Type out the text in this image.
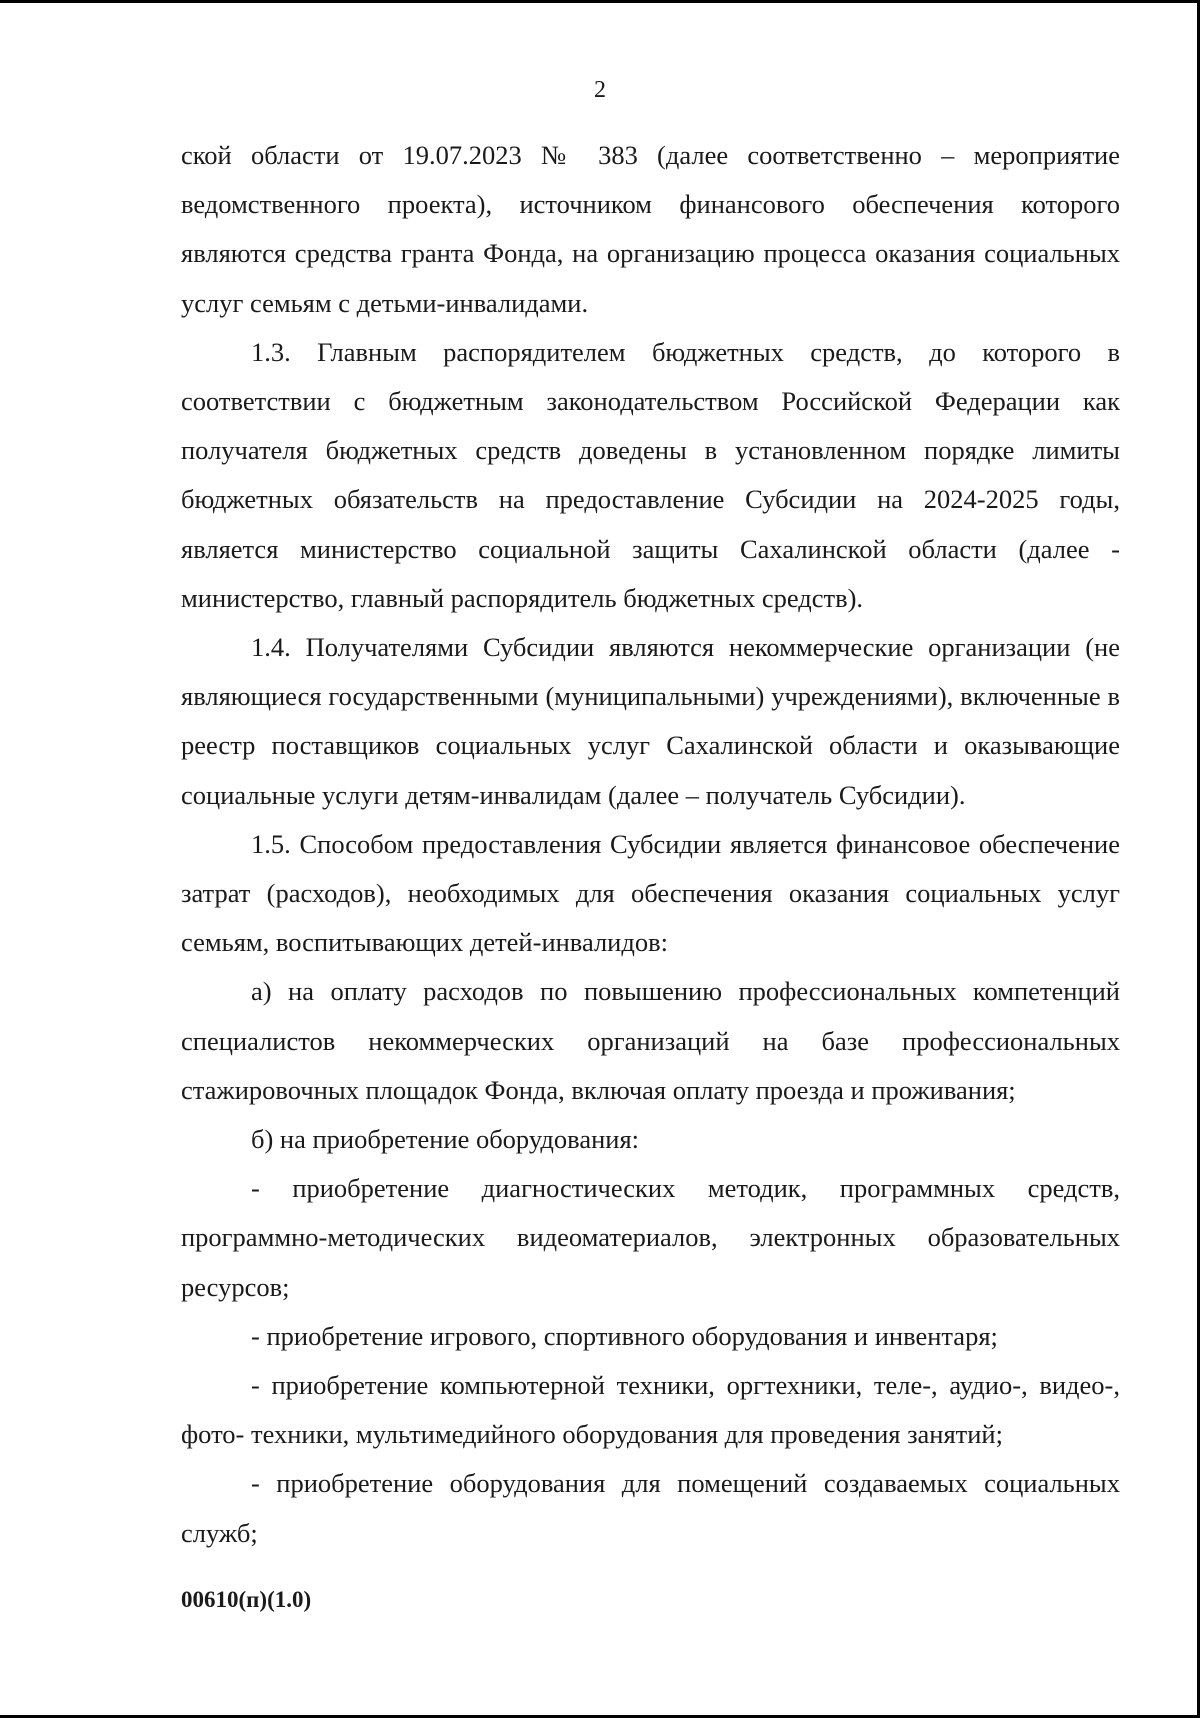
2

ской области от 19.07.2023 № 383 (далее соответственно – мероприятие ведомственного проекта), источником финансового обеспечения которого являются средства гранта Фонда, на организацию процесса оказания социальных услуг семьям с детьми-инвалидами.

1.3. Главным распорядителем бюджетных средств, до которого в соответствии с бюджетным законодательством Российской Федерации как получателя бюджетных средств доведены в установленном порядке лимиты бюджетных обязательств на предоставление Субсидии на 2024-2025 годы, является министерство социальной защиты Сахалинской области (далее - министерство, главный распорядитель бюджетных средств).

1.4. Получателями Субсидии являются некоммерческие организации (не являющиеся государственными (муниципальными) учреждениями), включенные в реестр поставщиков социальных услуг Сахалинской области и оказывающие социальные услуги детям-инвалидам (далее – получатель Субсидии).

1.5. Способом предоставления Субсидии является финансовое обеспечение затрат (расходов), необходимых для обеспечения оказания социальных услуг семьям, воспитывающих детей-инвалидов:

а) на оплату расходов по повышению профессиональных компетенций специалистов некоммерческих организаций на базе профессиональных стажировочных площадок Фонда, включая оплату проезда и проживания;

б) на приобретение оборудования:

- приобретение диагностических методик, программных средств, программно-методических видеоматериалов, электронных образовательных ресурсов;

- приобретение игрового, спортивного оборудования и инвентаря;

- приобретение компьютерной техники, оргтехники, теле-, аудио-, видео-, фото- техники, мультимедийного оборудования для проведения занятий;

- приобретение оборудования для помещений создаваемых социальных служб;

00610(п)(1.0)
